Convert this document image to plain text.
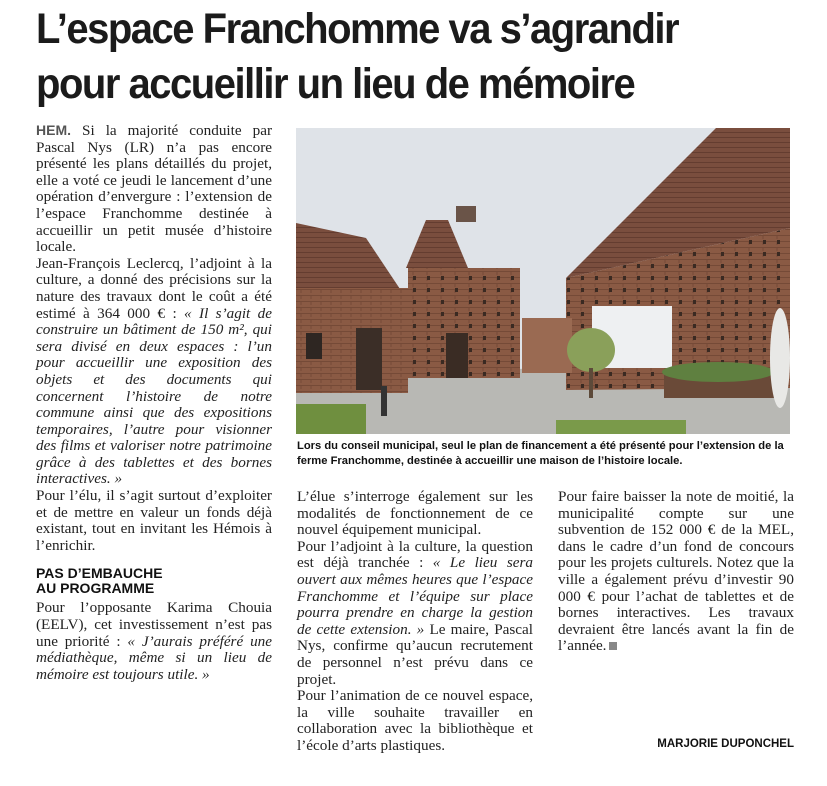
L’espace Franchomme va s’agrandir
pour accueillir un lieu de mémoire

HEM. Si la majorité conduite par Pascal Nys (LR) n’a pas encore présenté les plans détaillés du projet, elle a voté ce jeudi le lancement d’une opération d’envergure : l’extension de l’espace Franchomme destinée à accueillir un petit musée d’histoire locale.

Jean-François Leclercq, l’adjoint à la culture, a donné des précisions sur la nature des travaux dont le coût a été estimé à 364 000 € : « Il s’agit de construire un bâtiment de 150 m², qui sera divisé en deux espaces : l’un pour accueillir une exposition des objets et des documents qui concernent l’histoire de notre commune ainsi que des expositions temporaires, l’autre pour visionner des films et valoriser notre patrimoine grâce à des tablettes et des bornes interactives. »

Pour l’élu, il s’agit surtout d’exploiter et de mettre en valeur un fonds déjà existant, tout en invitant les Hémois à l’enrichir.

PAS D’EMBAUCHE
AU PROGRAMME

Pour l’opposante Karima Chouia (EELV), cet investissement n’est pas une priorité : « J’aurais préféré une médiathèque, même si un lieu de mémoire est toujours utile. »

Lors du conseil municipal, seul le plan de financement a été présenté pour l’extension de la ferme Franchomme, destinée à accueillir une maison de l’histoire locale.

L’élue s’interroge également sur les modalités de fonctionnement de ce nouvel équipement municipal.

Pour l’adjoint à la culture, la question est déjà tranchée : « Le lieu sera ouvert aux mêmes heures que l’espace Franchomme et l’équipe sur place pourra prendre en charge la gestion de cette extension. » Le maire, Pascal Nys, confirme qu’aucun recrutement de personnel n’est prévu dans ce projet.

Pour l’animation de ce nouvel espace, la ville souhaite travailler en collaboration avec la bibliothèque et l’école d’arts plastiques.

Pour faire baisser la note de moitié, la municipalité compte sur une subvention de 152 000 € de la MEL, dans le cadre d’un fond de concours pour les projets culturels. Notez que la ville a également prévu d’investir 90 000 € pour l’achat de tablettes et de bornes interactives. Les travaux devraient être lancés avant la fin de l’année.

MARJORIE DUPONCHEL
